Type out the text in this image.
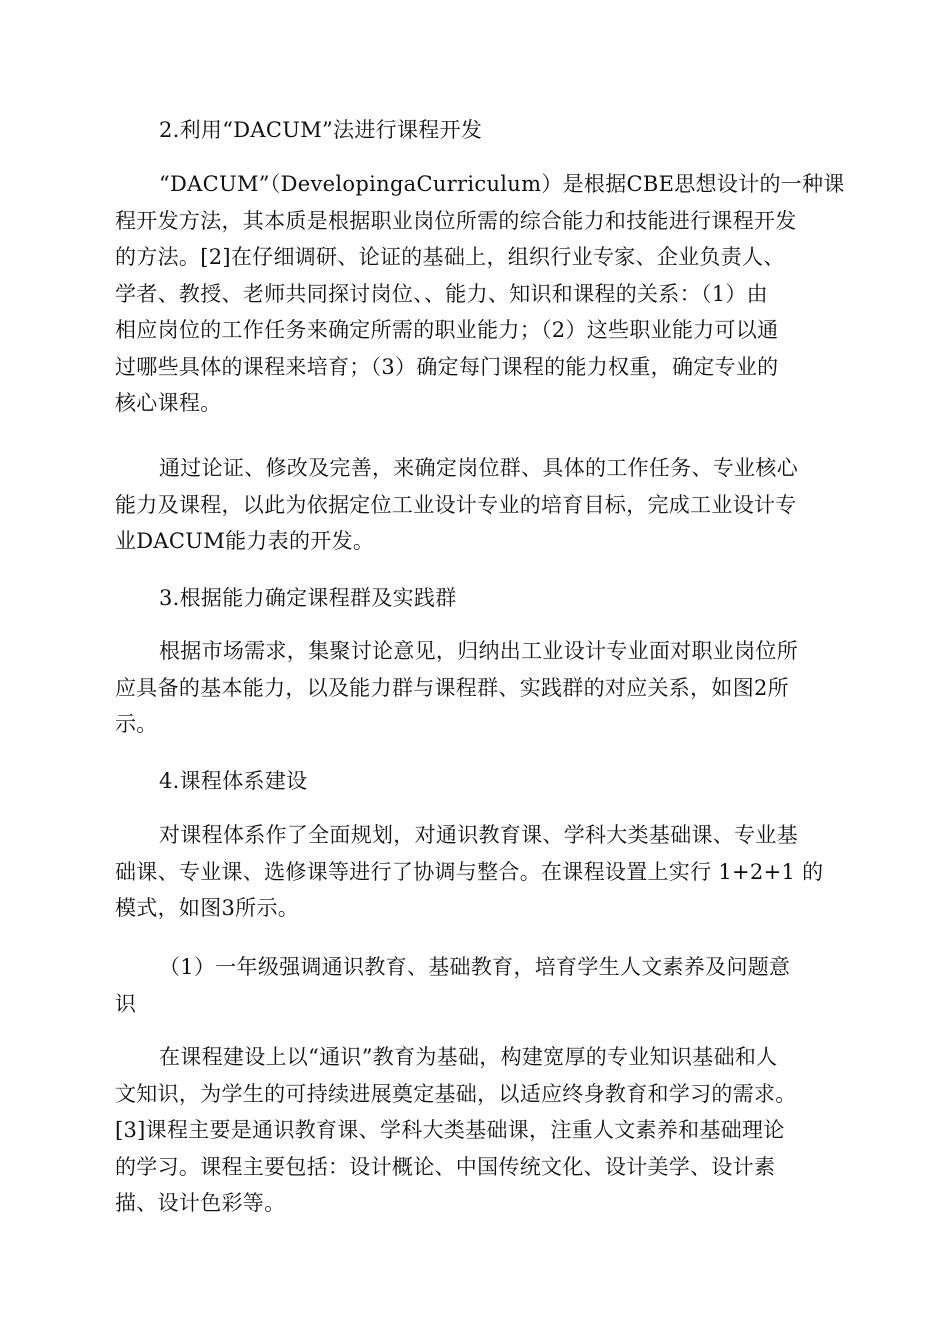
2.利用“DACUM”法进行课程开发
“DACUM”（DevelopingaCurriculum）是根据CBE思想设计的一种课
程开发方法，其本质是根据职业岗位所需的综合能力和技能进行课程开发
的方法。[2]在仔细调研、论证的基础上，组织行业专家、企业负责人、
学者、教授、老师共同探讨岗位、、能力、知识和课程的关系：（1）由
相应岗位的工作任务来确定所需的职业能力；（2）这些职业能力可以通
过哪些具体的课程来培育；（3）确定每门课程的能力权重，确定专业的
核心课程。
通过论证、修改及完善，来确定岗位群、具体的工作任务、专业核心
能力及课程，以此为依据定位工业设计专业的培育目标，完成工业设计专
业DACUM能力表的开发。
3.根据能力确定课程群及实践群
根据市场需求，集聚讨论意见，归纳出工业设计专业面对职业岗位所
应具备的基本能力，以及能力群与课程群、实践群的对应关系，如图2所
示。
4.课程体系建设
对课程体系作了全面规划，对通识教育课、学科大类基础课、专业基
础课、专业课、选修课等进行了协调与整合。在课程设置上实行 1+2+1 的
模式，如图3所示。
（1）一年级强调通识教育、基础教育，培育学生人文素养及问题意
识
在课程建设上以“通识”教育为基础，构建宽厚的专业知识基础和人
文知识，为学生的可持续进展奠定基础，以适应终身教育和学习的需求。
[3]课程主要是通识教育课、学科大类基础课，注重人文素养和基础理论
的学习。课程主要包括：设计概论、中国传统文化、设计美学、设计素
描、设计色彩等。
